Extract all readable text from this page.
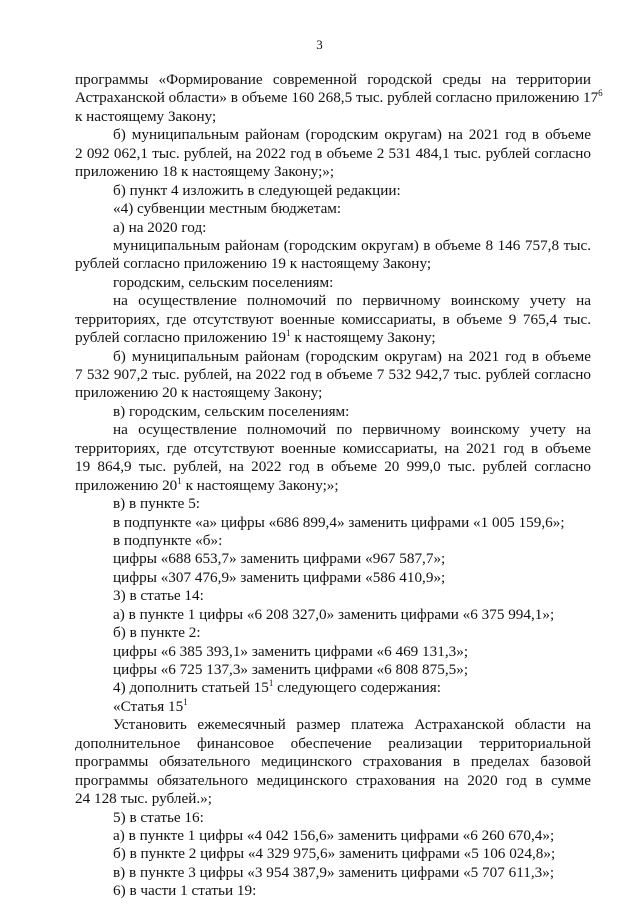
3
программы «Формирование современной городской среды на территории
Астраханской области» в объеме 160 268,5 тыс. рублей согласно приложению $17^6$
к настоящему Закону;
б) муниципальным районам (городским округам) на 2021 год в объеме
2 092 062,1 тыс. рублей, на 2022 год в объеме 2 531 484,1 тыс. рублей согласно
приложению 18 к настоящему Закону;»;
б) пункт 4 изложить в следующей редакции:
«4) субвенции местным бюджетам:
а) на 2020 год:
муниципальным районам (городским округам) в объеме 8 146 757,8 тыс.
рублей согласно приложению 19 к настоящему Закону;
городским, сельским поселениям:
на осуществление полномочий по первичному воинскому учету на
территориях, где отсутствуют военные комиссариаты, в объеме 9 765,4 тыс.
рублей согласно приложению $19^1$ к настоящему Закону;
б) муниципальным районам (городским округам) на 2021 год в объеме
7 532 907,2 тыс. рублей, на 2022 год в объеме 7 532 942,7 тыс. рублей согласно
приложению 20 к настоящему Закону;
в) городским, сельским поселениям:
на осуществление полномочий по первичному воинскому учету на
территориях, где отсутствуют военные комиссариаты, на 2021 год в объеме
19 864,9 тыс. рублей, на 2022 год в объеме 20 999,0 тыс. рублей согласно
приложению $20^1$ к настоящему Закону;»;
в) в пункте 5:
в подпункте «а» цифры «686 899,4» заменить цифрами «1 005 159,6»;
в подпункте «б»:
цифры «688 653,7» заменить цифрами «967 587,7»;
цифры «307 476,9» заменить цифрами «586 410,9»;
3) в статье 14:
а) в пункте 1 цифры «6 208 327,0» заменить цифрами «6 375 994,1»;
б) в пункте 2:
цифры «6 385 393,1» заменить цифрами «6 469 131,3»;
цифры «6 725 137,3» заменить цифрами «6 808 875,5»;
4) дополнить статьей $15^1$ следующего содержания:
«Статья $15^1$
Установить ежемесячный размер платежа Астраханской области на
дополнительное финансовое обеспечение реализации территориальной
программы обязательного медицинского страхования в пределах базовой
программы обязательного медицинского страхования на 2020 год в сумме
24 128 тыс. рублей.»;
5) в статье 16:
а) в пункте 1 цифры «4 042 156,6» заменить цифрами «6 260 670,4»;
б) в пункте 2 цифры «4 329 975,6» заменить цифрами «5 106 024,8»;
в) в пункте 3 цифры «3 954 387,9» заменить цифрами «5 707 611,3»;
6) в части 1 статьи 19:
